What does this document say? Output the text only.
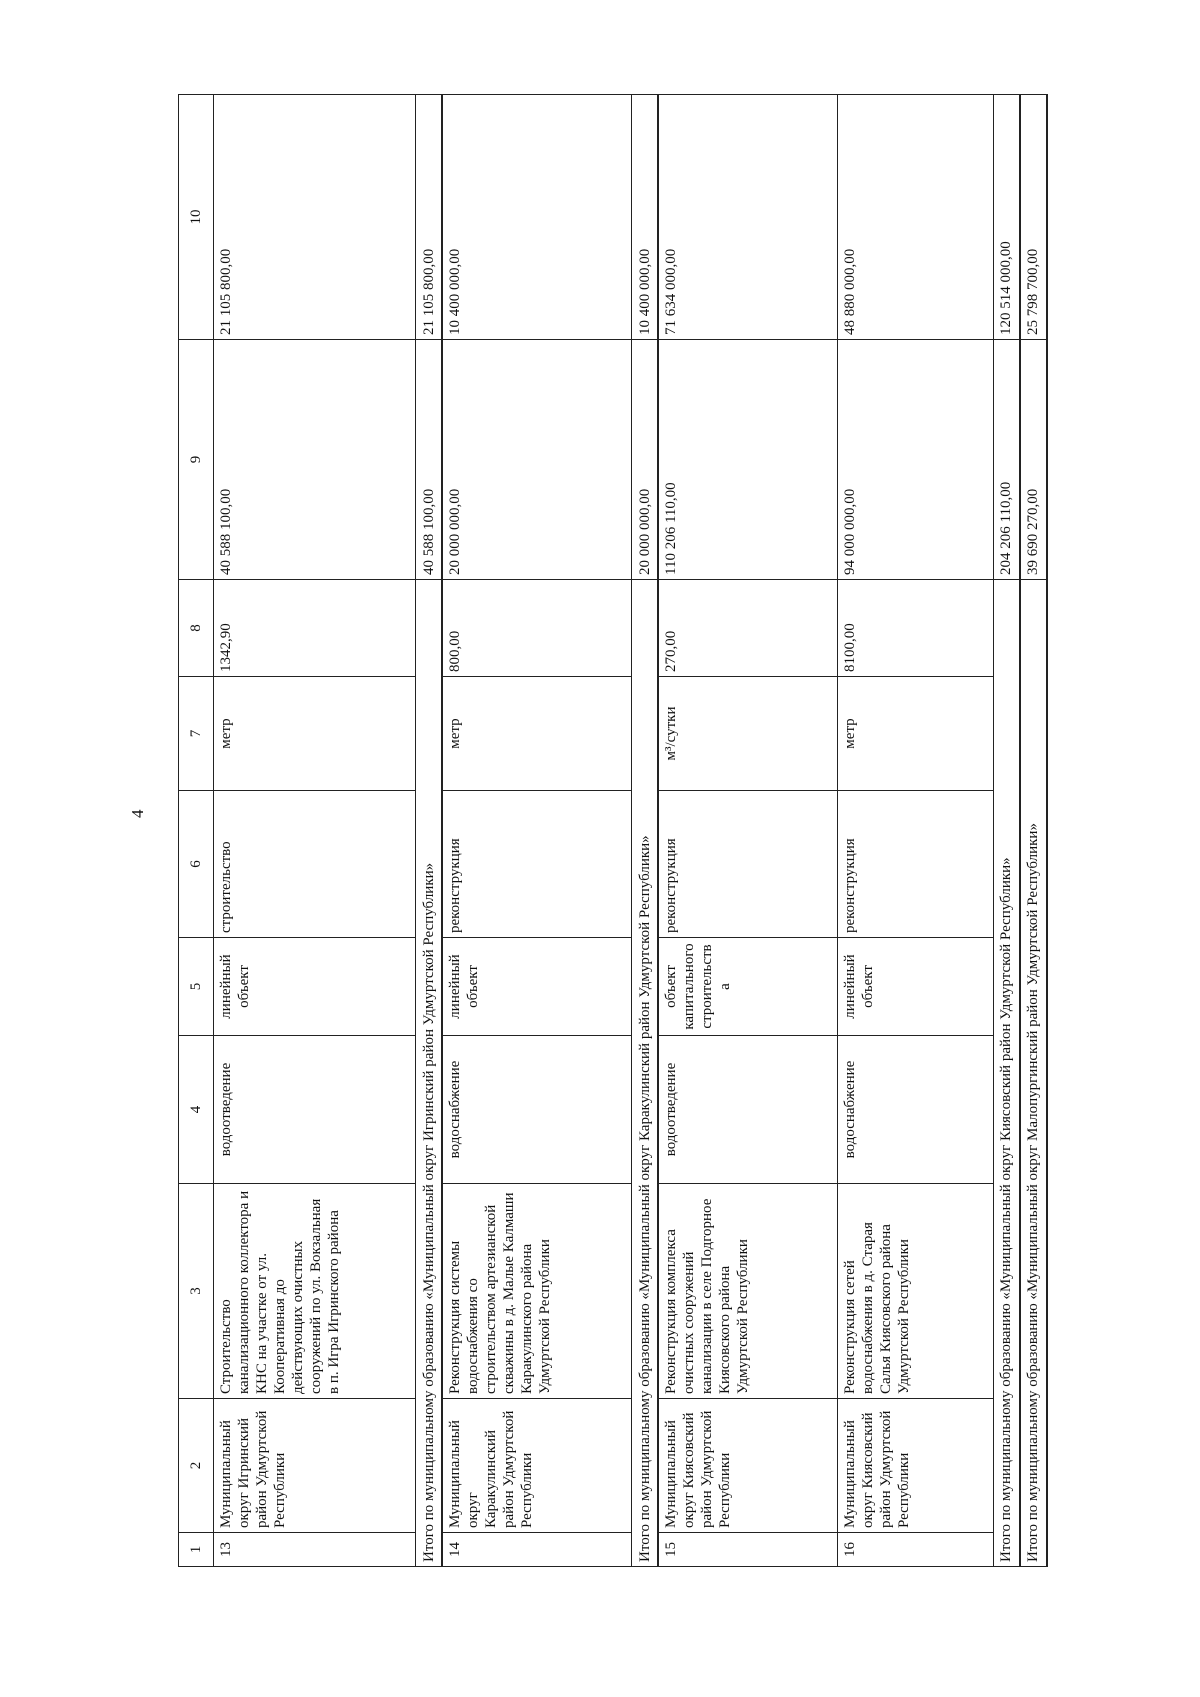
4
1	2	3	4	5	6	7	8	9	10
13	Муниципальный округ Игринский район Удмуртской Республики	Строительство канализационного коллектора и КНС на участке от ул. Кооперативная до действующих очистных сооружений по ул. Вокзальная в п. Игра Игринского района	водоотведение	линейный объект	строительство	метр	1342,90	40 588 100,00	21 105 800,00
Итого по муниципальному образованию «Муниципальный округ Игринский район Удмуртской Республики»								40 588 100,00	21 105 800,00
14	Муниципальный округ Каракулинский район Удмуртской Республики	Реконструкция системы водоснабжения со строительством артезианской скважины в д. Малые Калмаши Каракулинского района Удмуртской Республики	водоснабжение	линейный объект	реконструкция	метр	800,00	20 000 000,00	10 400 000,00
Итого по муниципальному образованию «Муниципальный округ Каракулинский район Удмуртской Республики»								20 000 000,00	10 400 000,00
15	Муниципальный округ Киясовский район Удмуртской Республики	Реконструкция комплекса очистных сооружений канализации в селе Подгорное Киясовского района Удмуртской Республики	водоотведение	объект капитального строительства	реконструкция	м³/сутки	270,00	110 206 110,00	71 634 000,00
16	Муниципальный округ Киясовский район Удмуртской Республики	Реконструкция сетей водоснабжения в д. Старая Салья Киясовского района Удмуртской Республики	водоснабжение	линейный объект	реконструкция	метр	8100,00	94 000 000,00	48 880 000,00
Итого по муниципальному образованию «Муниципальный округ Киясовский район Удмуртской Республики»								204 206 110,00	120 514 000,00
Итого по муниципальному образованию «Муниципальный округ Малопургинский район Удмуртской Республики»								39 690 270,00	25 798 700,00
